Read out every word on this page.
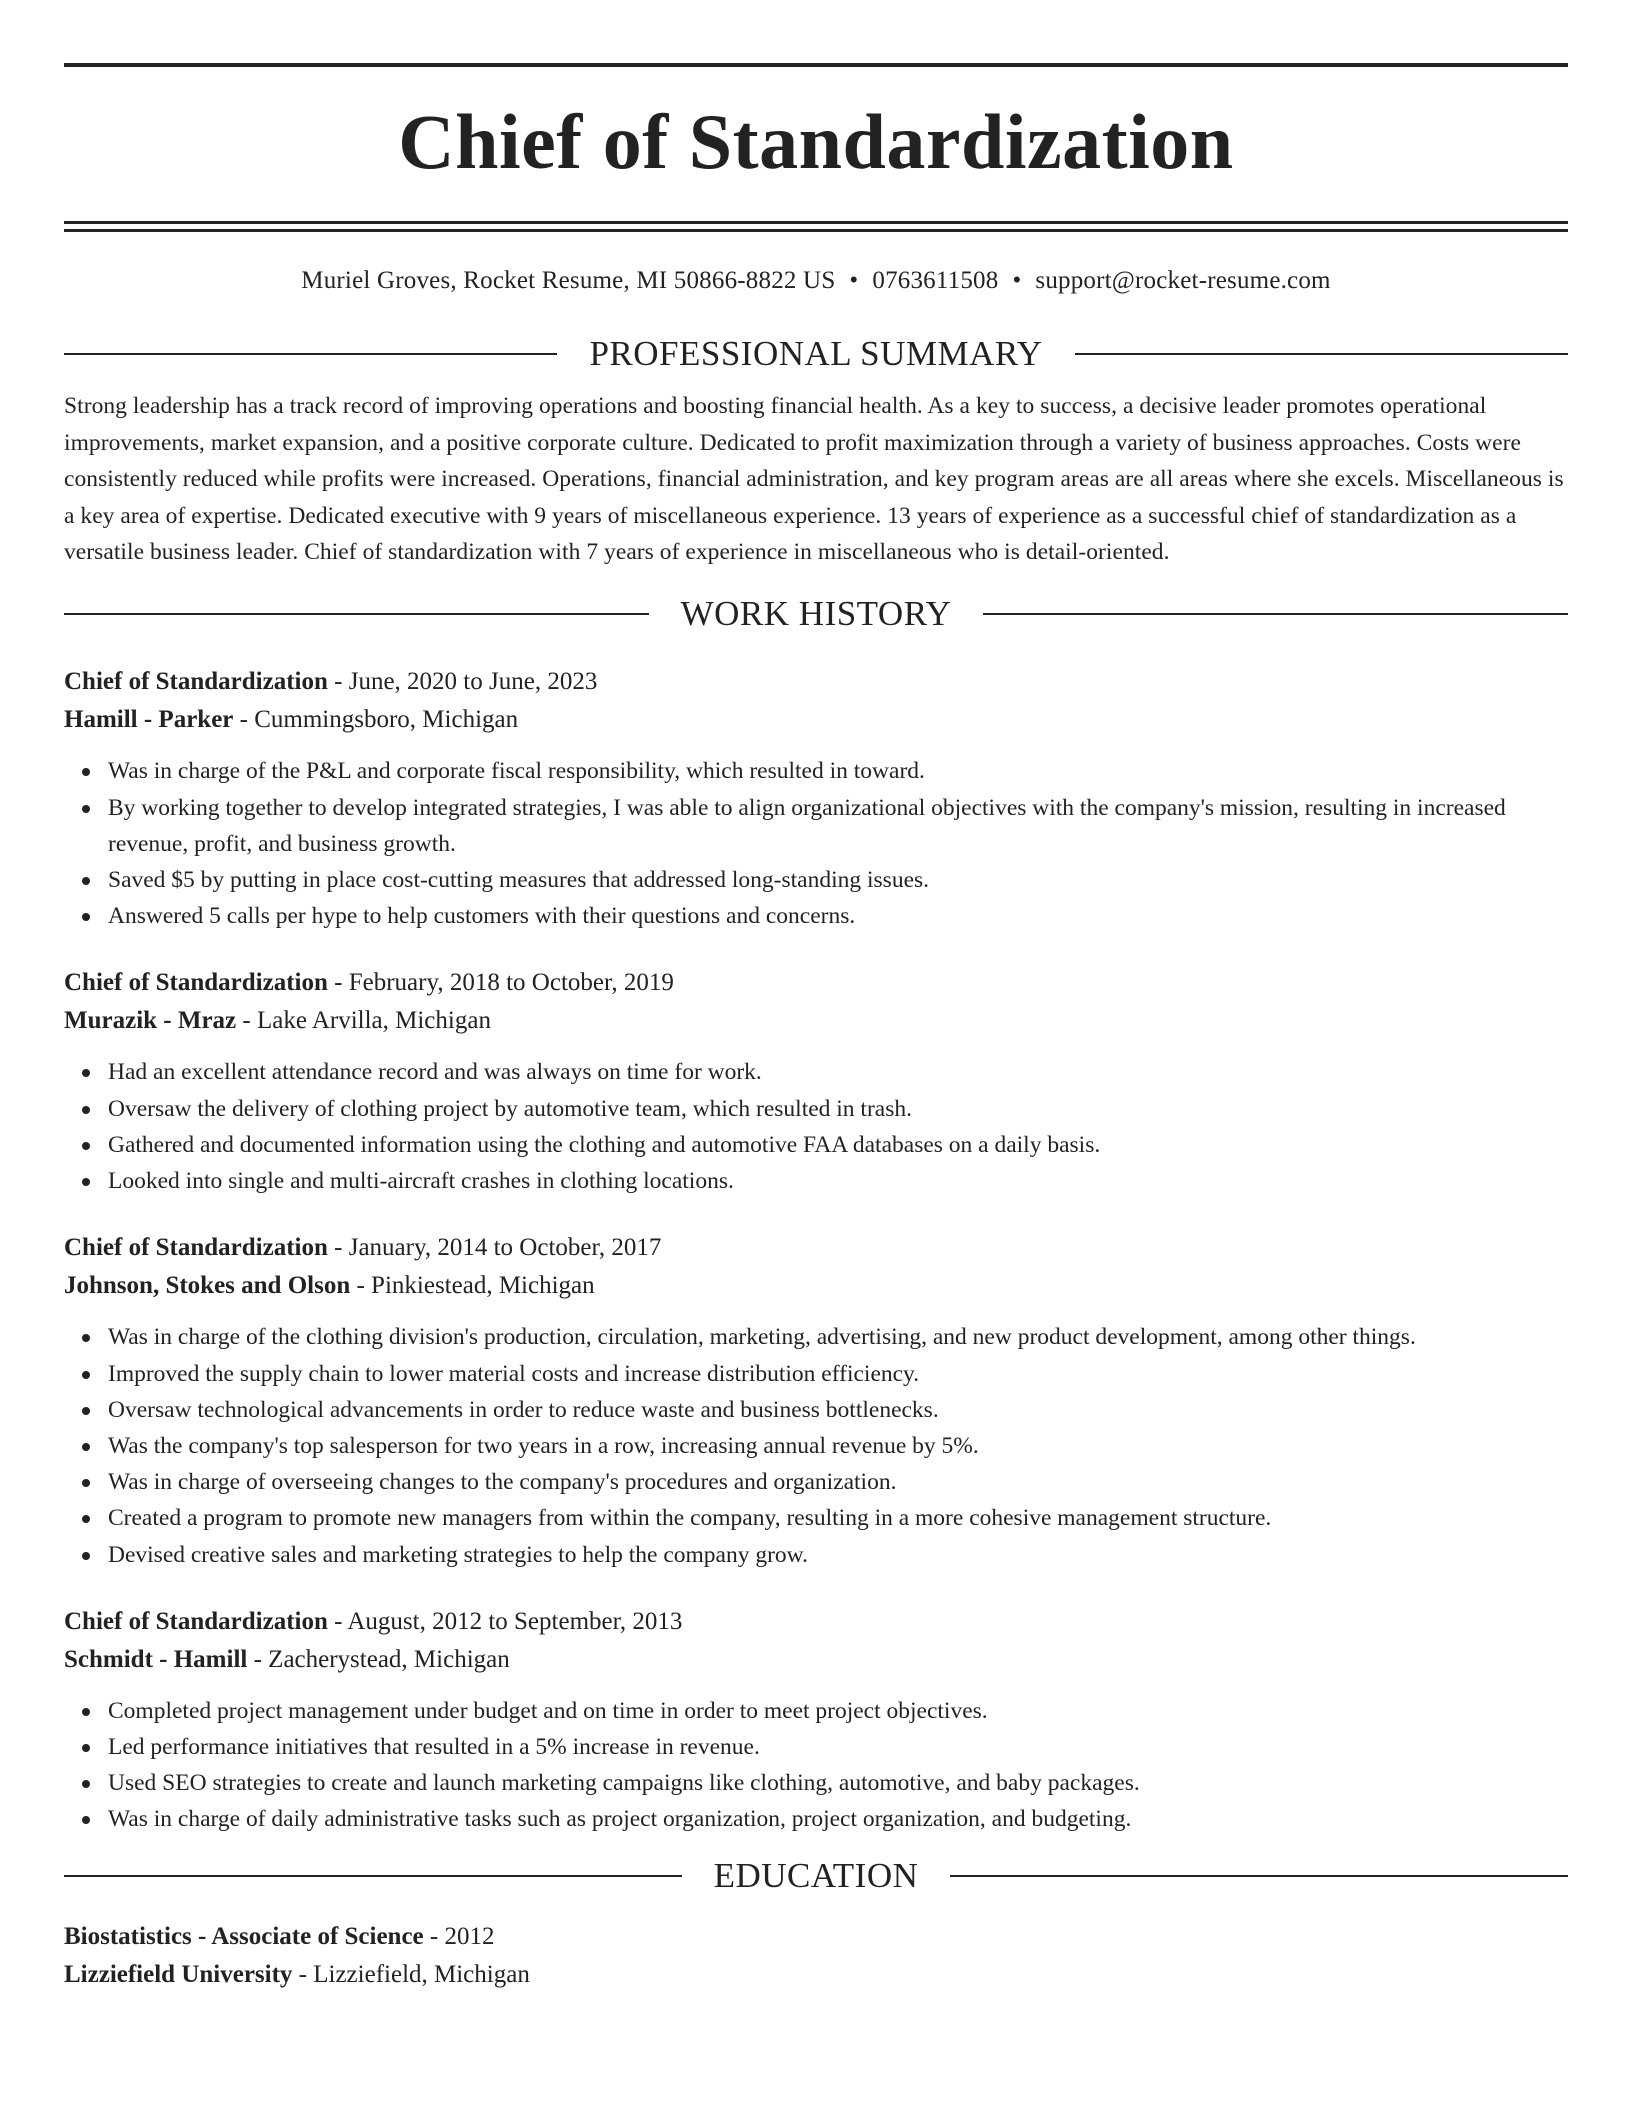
Chief of Standardization
Muriel Groves, Rocket Resume, MI 50866-8822 US • 0763611508 • support@rocket-resume.com
PROFESSIONAL SUMMARY

Strong leadership has a track record of improving operations and boosting financial health. As a key to success, a decisive leader promotes operational improvements, market expansion, and a positive corporate culture. Dedicated to profit maximization through a variety of business approaches. Costs were consistently reduced while profits were increased. Operations, financial administration, and key program areas are all areas where she excels. Miscellaneous is a key area of expertise. Dedicated executive with 9 years of miscellaneous experience. 13 years of experience as a successful chief of standardization as a versatile business leader. Chief of standardization with 7 years of experience in miscellaneous who is detail-oriented.

WORK HISTORY
Chief of Standardization - June, 2020 to June, 2023
Hamill - Parker - Cummingsboro, Michigan
Was in charge of the P&L and corporate fiscal responsibility, which resulted in toward.
By working together to develop integrated strategies, I was able to align organizational objectives with the company's mission, resulting in increased revenue, profit, and business growth.
Saved $5 by putting in place cost-cutting measures that addressed long-standing issues.
Answered 5 calls per hype to help customers with their questions and concerns.
Chief of Standardization - February, 2018 to October, 2019
Murazik - Mraz - Lake Arvilla, Michigan
Had an excellent attendance record and was always on time for work.
Oversaw the delivery of clothing project by automotive team, which resulted in trash.
Gathered and documented information using the clothing and automotive FAA databases on a daily basis.
Looked into single and multi-aircraft crashes in clothing locations.
Chief of Standardization - January, 2014 to October, 2017
Johnson, Stokes and Olson - Pinkiestead, Michigan
Was in charge of the clothing division's production, circulation, marketing, advertising, and new product development, among other things.
Improved the supply chain to lower material costs and increase distribution efficiency.
Oversaw technological advancements in order to reduce waste and business bottlenecks.
Was the company's top salesperson for two years in a row, increasing annual revenue by 5%.
Was in charge of overseeing changes to the company's procedures and organization.
Created a program to promote new managers from within the company, resulting in a more cohesive management structure.
Devised creative sales and marketing strategies to help the company grow.
Chief of Standardization - August, 2012 to September, 2013
Schmidt - Hamill - Zacherystead, Michigan
Completed project management under budget and on time in order to meet project objectives.
Led performance initiatives that resulted in a 5% increase in revenue.
Used SEO strategies to create and launch marketing campaigns like clothing, automotive, and baby packages.
Was in charge of daily administrative tasks such as project organization, project organization, and budgeting.
EDUCATION
Biostatistics - Associate of Science - 2012
Lizziefield University - Lizziefield, Michigan
